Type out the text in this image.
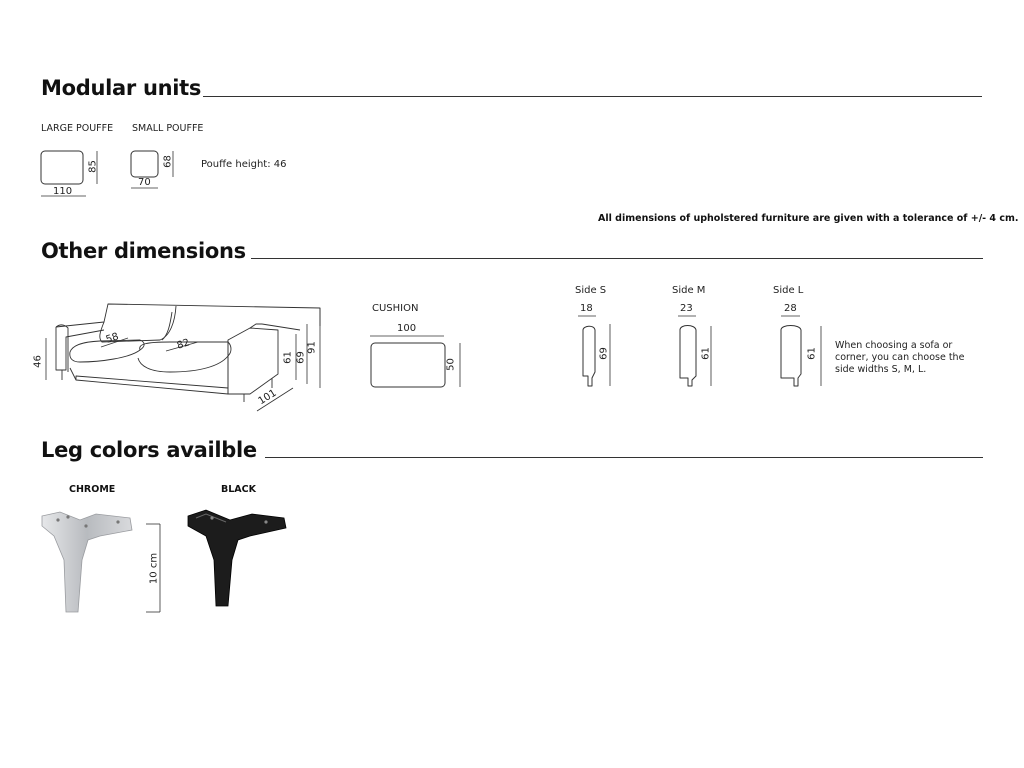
Modular units
LARGE POUFFE SMALL POUFFE
110
85
70
68	Pouffe height: 46
All dimensions of upholstered furniture are given with a tolerance of +/- 4 cm.
Other dimensions
46
58	82
61 69
91
101
CUSHION
100
50
Side S	Side M	Side L
18	23	28
69	61	61
When choosing a sofa or corner, you can choose the side widths S, M, L.
Leg colors availble
CHROME	BLACK
10 cm
